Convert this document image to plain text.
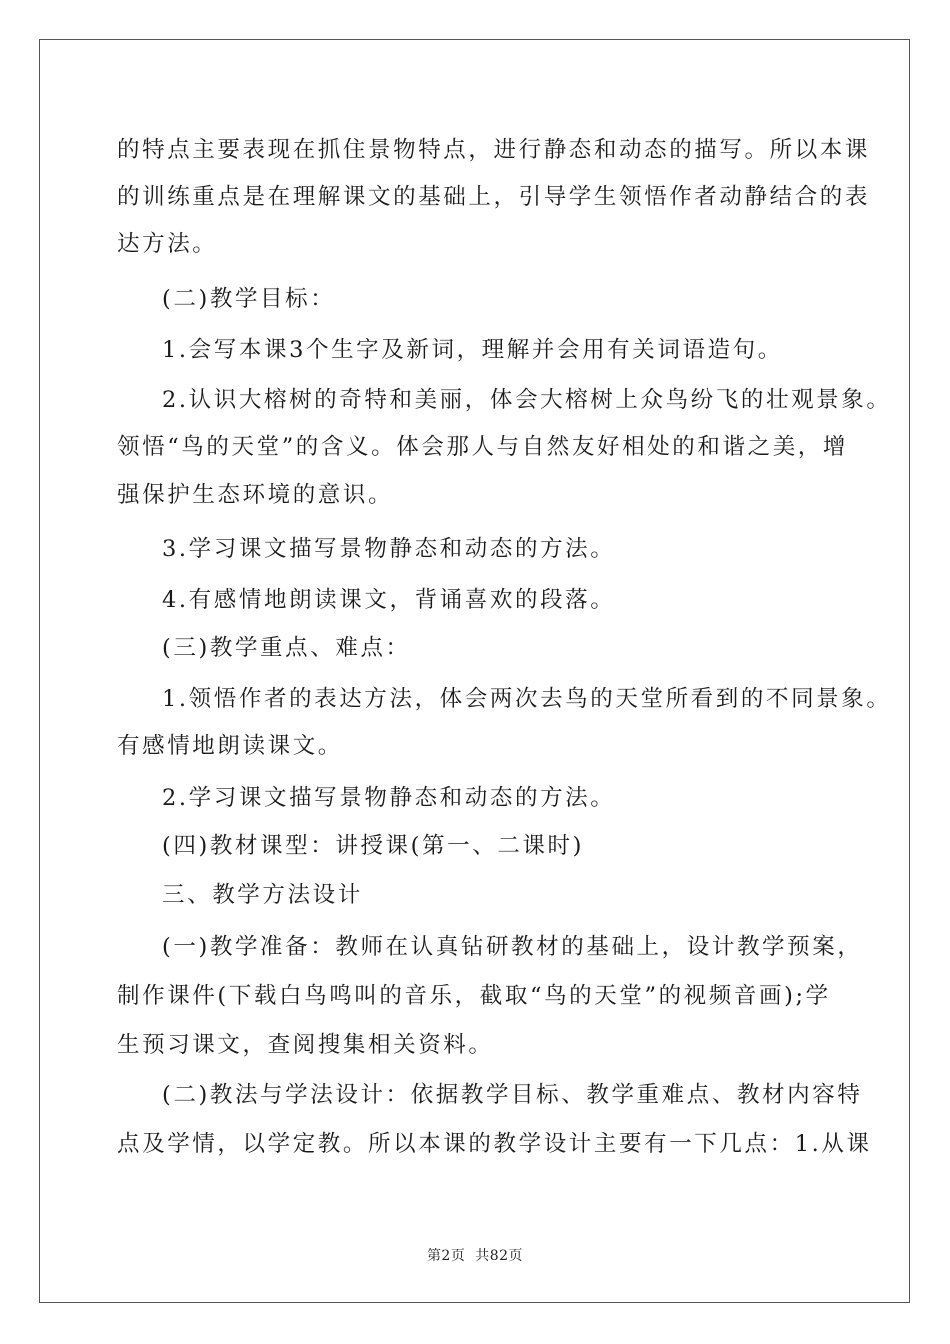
的特点主要表现在抓住景物特点，进行静态和动态的描写。所以本课
的训练重点是在理解课文的基础上，引导学生领悟作者动静结合的表
达方法。
(二)教学目标：
1.会写本课3个生字及新词，理解并会用有关词语造句。
2.认识大榕树的奇特和美丽，体会大榕树上众鸟纷飞的壮观景象。
领悟“鸟的天堂”的含义。体会那人与自然友好相处的和谐之美，增
强保护生态环境的意识。
3.学习课文描写景物静态和动态的方法。
4.有感情地朗读课文，背诵喜欢的段落。
(三)教学重点、难点：
1.领悟作者的表达方法，体会两次去鸟的天堂所看到的不同景象。
有感情地朗读课文。
2.学习课文描写景物静态和动态的方法。
(四)教材课型：讲授课(第一、二课时)
三、教学方法设计
(一)教学准备：教师在认真钻研教材的基础上，设计教学预案，
制作课件(下载白鸟鸣叫的音乐，截取“鸟的天堂”的视频音画);学
生预习课文，查阅搜集相关资料。
(二)教法与学法设计：依据教学目标、教学重难点、教材内容特
点及学情，以学定教。所以本课的教学设计主要有一下几点：1.从课
第2页  共82页
